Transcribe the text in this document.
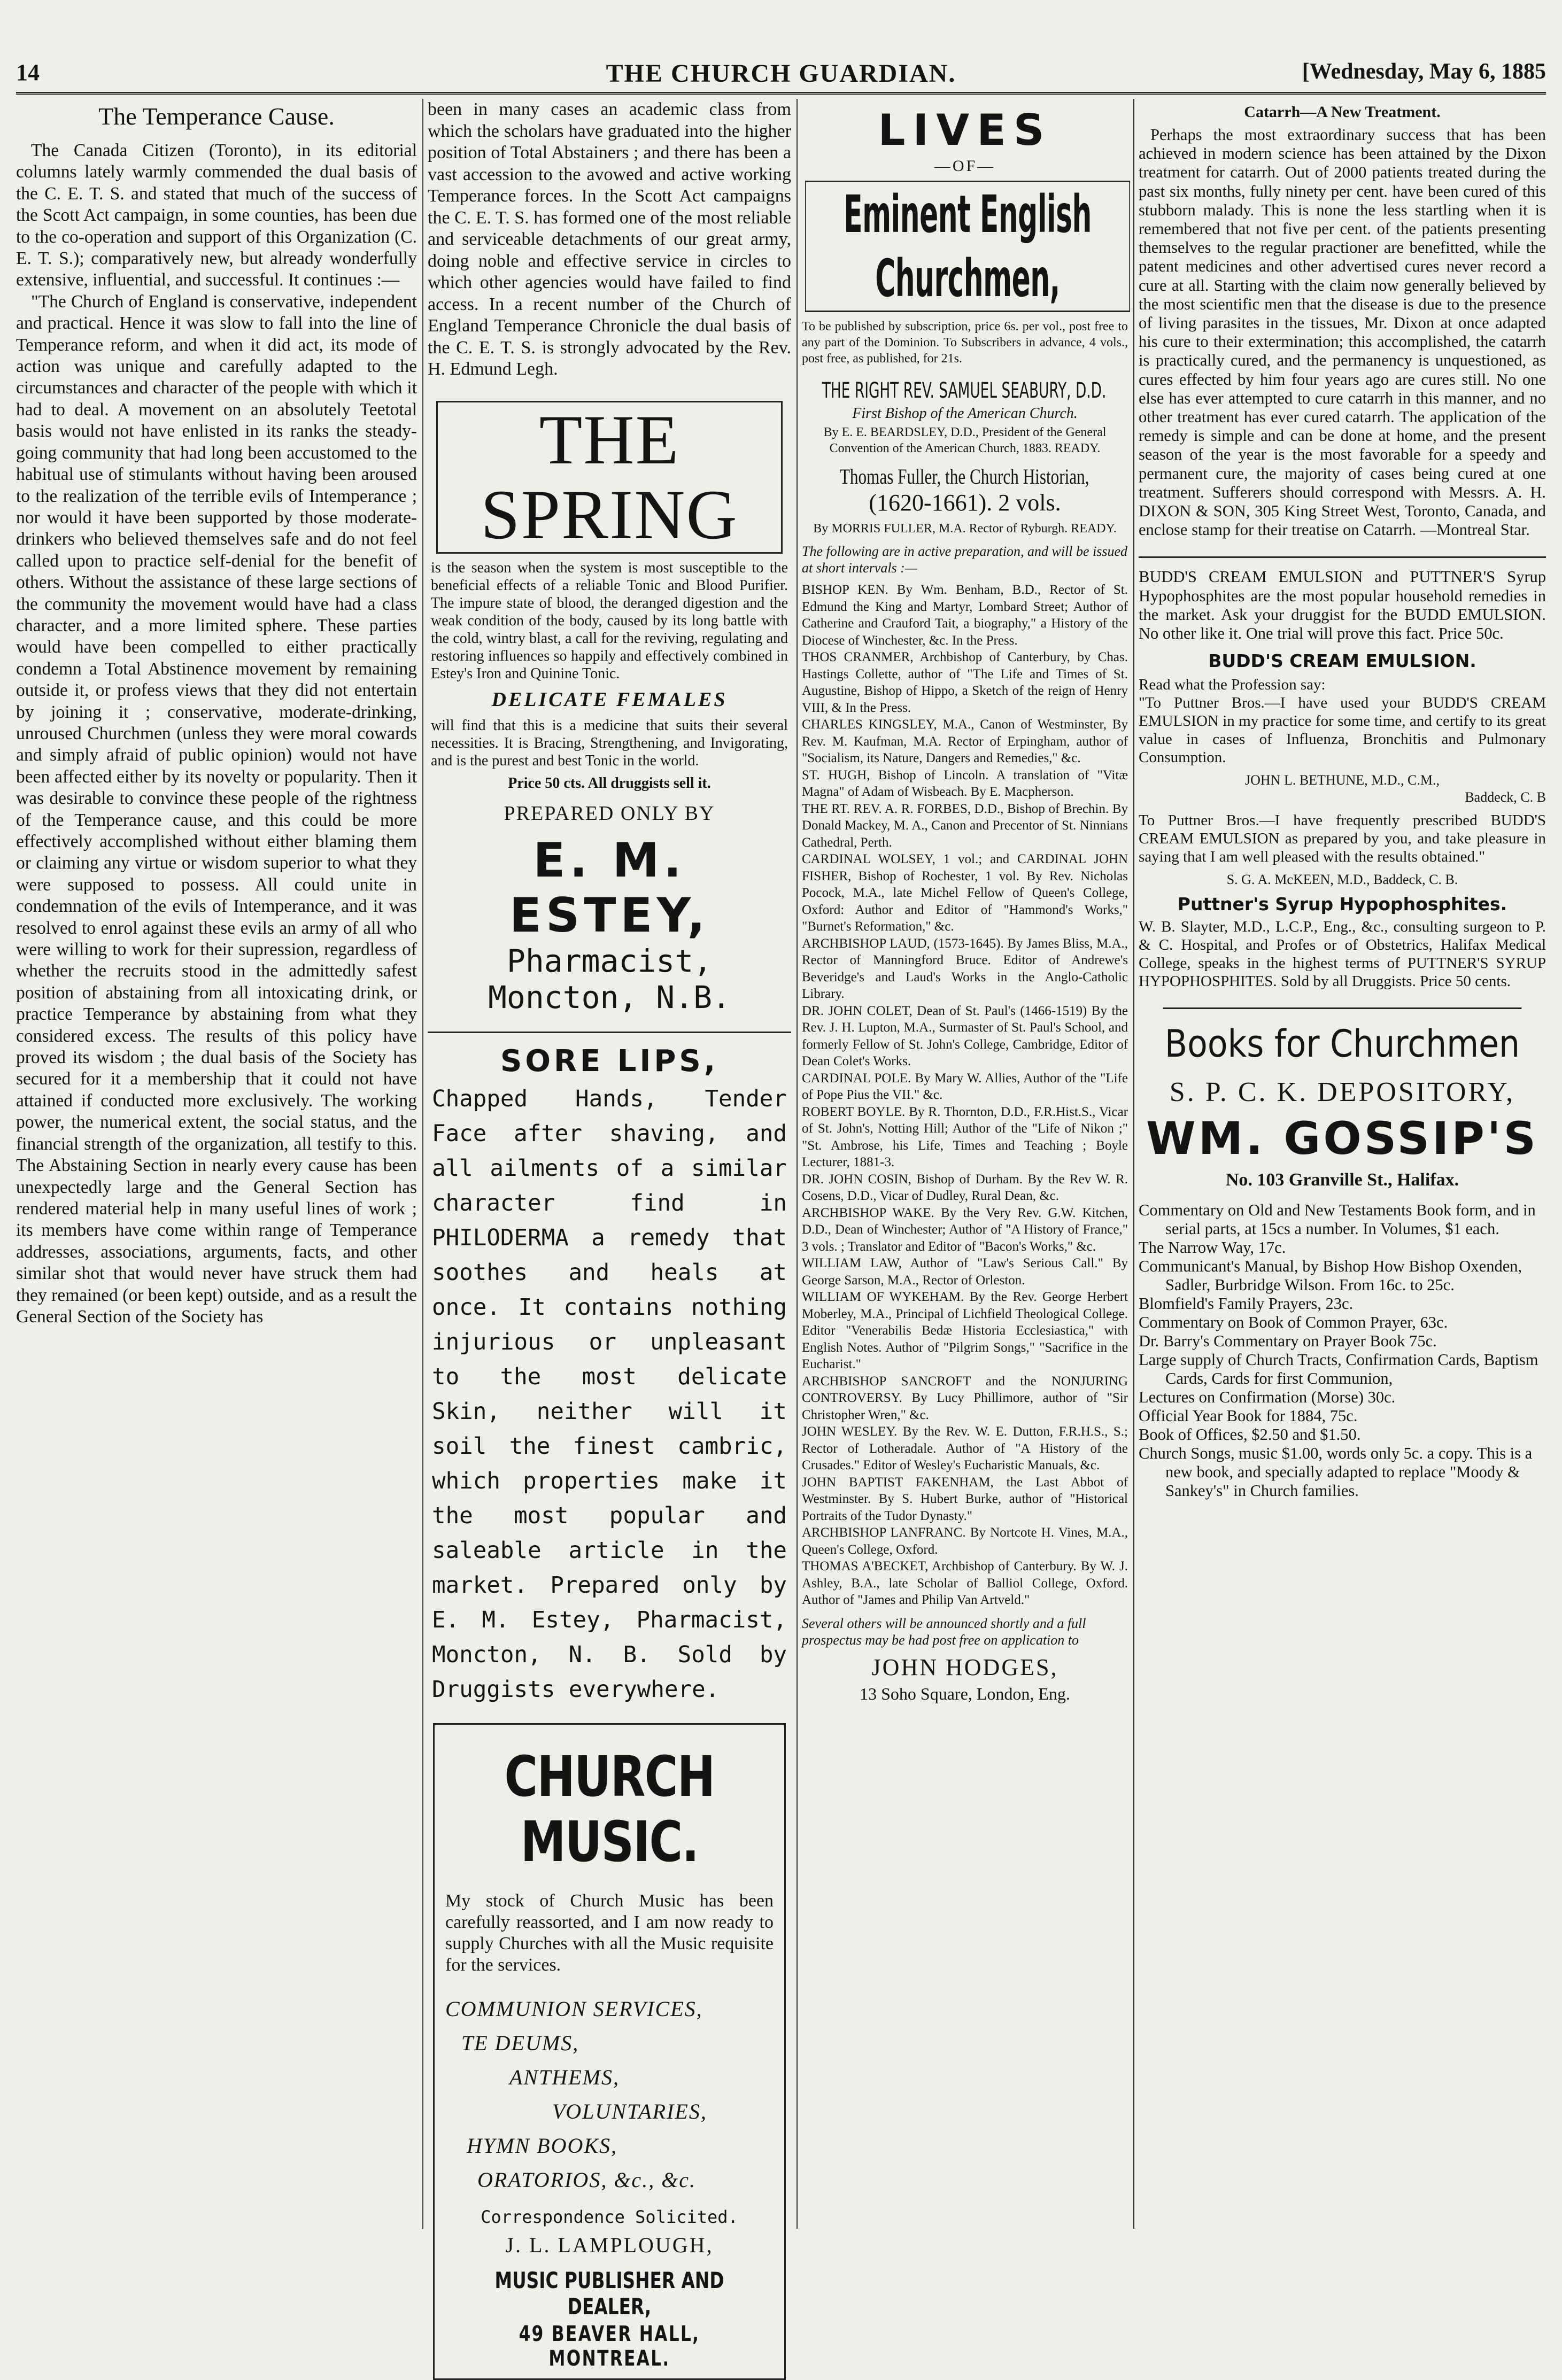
14	THE CHURCH GUARDIAN.	[Wednesday, May 6, 1885
The Temperance Cause.

The Canada Citizen (Toronto), in its editorial columns lately warmly commended the dual basis of the C. E. T. S. and stated that much of the success of the Scott Act campaign, in some counties, has been due to the co-operation and support of this Organization (C. E. T. S.); comparatively new, but already wonderfully extensive, influential, and successful. It continues :—

"The Church of England is conservative, independent and practical. Hence it was slow to fall into the line of Temperance reform, and when it did act, its mode of action was unique and carefully adapted to the circumstances and character of the people with which it had to deal. A movement on an absolutely Teetotal basis would not have enlisted in its ranks the steady-going community that had long been accustomed to the habitual use of stimulants without having been aroused to the realization of the terrible evils of Intemperance ; nor would it have been supported by those moderate-drinkers who believed themselves safe and do not feel called upon to practice self-denial for the benefit of others. Without the assistance of these large sections of the community the movement would have had a class character, and a more limited sphere. These parties would have been compelled to either practically condemn a Total Abstinence movement by remaining outside it, or profess views that they did not entertain by joining it ; conservative, moderate-drinking, unroused Churchmen (unless they were moral cowards and simply afraid of public opinion) would not have been affected either by its novelty or popularity. Then it was desirable to convince these people of the rightness of the Temperance cause, and this could be more effectively accomplished without either blaming them or claiming any virtue or wisdom superior to what they were supposed to possess. All could unite in condemnation of the evils of Intemperance, and it was resolved to enrol against these evils an army of all who were willing to work for their supression, regardless of whether the recruits stood in the admittedly safest position of abstaining from all intoxicating drink, or practice Temperance by abstaining from what they considered excess. The results of this policy have proved its wisdom ; the dual basis of the Society has secured for it a membership that it could not have attained if conducted more exclusively. The working power, the numerical extent, the social status, and the financial strength of the organization, all testify to this. The Abstaining Section in nearly every cause has been unexpectedly large and the General Section has rendered material help in many useful lines of work ; its members have come within range of Temperance addresses, associations, arguments, facts, and other similar shot that would never have struck them had they remained (or been kept) outside, and as a result the General Section of the Society has

been in many cases an academic class from which the scholars have graduated into the higher position of Total Abstainers ; and there has been a vast accession to the avowed and active working Temperance forces. In the Scott Act campaigns the C. E. T. S. has formed one of the most reliable and serviceable detachments of our great army, doing noble and effective service in circles to which other agencies would have failed to find access. In a recent number of the Church of England Temperance Chronicle the dual basis of the C. E. T. S. is strongly advocated by the Rev. H. Edmund Legh.

THE SPRING

is the season when the system is most susceptible to the beneficial effects of a reliable Tonic and Blood Purifier. The impure state of blood, the deranged digestion and the weak condition of the body, caused by its long battle with the cold, wintry blast, a call for the reviving, regulating and restoring influences so happily and effectively combined in Estey's Iron and Quinine Tonic.

DELICATE FEMALES

will find that this is a medicine that suits their several necessities. It is Bracing, Strengthening, and Invigorating, and is the purest and best Tonic in the world.

Price 50 cts. All druggists sell it.
PREPARED ONLY BY
E. M. ESTEY,
Pharmacist, Moncton, N.B.
SORE LIPS,

Chapped Hands, Tender Face after shaving, and all ailments of a similar character find in PHILODERMA a remedy that soothes and heals at once. It contains nothing injurious or unpleasant to the most delicate Skin, neither will it soil the finest cambric, which properties make it the most popular and saleable article in the market. Prepared only by E. M. Estey, Pharmacist, Moncton, N. B. Sold by Druggists everywhere.

CHURCH MUSIC.

My stock of Church Music has been carefully reassorted, and I am now ready to supply Churches with all the Music requisite for the services.

COMMUNION SERVICES,

TE DEUMS,

ANTHEMS,

VOLUNTARIES,

HYMN BOOKS,

ORATORIOS, &c., &c.

Correspondence Solicited.
J. L. LAMPLOUGH,
MUSIC PUBLISHER AND DEALER,
49 BEAVER HALL, MONTREAL.
LIVES
—OF—
Eminent English Churchmen,

To be published by subscription, price 6s. per vol., post free to any part of the Dominion. To Subscribers in advance, 4 vols., post free, as published, for 21s.

THE RIGHT REV. SAMUEL SEABURY, D.D.
First Bishop of the American Church.

By E. E. BEARDSLEY, D.D., President of the General Convention of the American Church, 1883. READY.

Thomas Fuller, the Church Historian,
(1620-1661). 2 vols.

By MORRIS FULLER, M.A. Rector of Ryburgh. READY.

The following are in active preparation, and will be issued at short intervals :—

BISHOP KEN. By Wm. Benham, B.D., Rector of St. Edmund the King and Martyr, Lombard Street; Author of Catherine and Crauford Tait, a biography," a History of the Diocese of Winchester, &c. In the Press.

THOS CRANMER, Archbishop of Canterbury, by Chas. Hastings Collette, author of "The Life and Times of St. Augustine, Bishop of Hippo, a Sketch of the reign of Henry VIII, & In the Press.

CHARLES KINGSLEY, M.A., Canon of Westminster, By Rev. M. Kaufman, M.A. Rector of Erpingham, author of "Socialism, its Nature, Dangers and Remedies," &c.

ST. HUGH, Bishop of Lincoln. A translation of "Vitæ Magna" of Adam of Wisbeach. By E. Macpherson.

THE RT. REV. A. R. FORBES, D.D., Bishop of Brechin. By Donald Mackey, M. A., Canon and Precentor of St. Ninnians Cathedral, Perth.

CARDINAL WOLSEY, 1 vol.; and CARDINAL JOHN FISHER, Bishop of Rochester, 1 vol. By Rev. Nicholas Pocock, M.A., late Michel Fellow of Queen's College, Oxford: Author and Editor of "Hammond's Works," "Burnet's Reformation," &c.

ARCHBISHOP LAUD, (1573-1645). By James Bliss, M.A., Rector of Manningford Bruce. Editor of Andrewe's Beveridge's and Laud's Works in the Anglo-Catholic Library.

DR. JOHN COLET, Dean of St. Paul's (1466-1519) By the Rev. J. H. Lupton, M.A., Surmaster of St. Paul's School, and formerly Fellow of St. John's College, Cambridge, Editor of Dean Colet's Works.

CARDINAL POLE. By Mary W. Allies, Author of the "Life of Pope Pius the VII." &c.

ROBERT BOYLE. By R. Thornton, D.D., F.R.Hist.S., Vicar of St. John's, Notting Hill; Author of the "Life of Nikon ;" "St. Ambrose, his Life, Times and Teaching ; Boyle Lecturer, 1881-3.

DR. JOHN COSIN, Bishop of Durham. By the Rev W. R. Cosens, D.D., Vicar of Dudley, Rural Dean, &c.

ARCHBISHOP WAKE. By the Very Rev. G.W. Kitchen, D.D., Dean of Winchester; Author of "A History of France," 3 vols. ; Translator and Editor of "Bacon's Works," &c.

WILLIAM LAW, Author of "Law's Serious Call." By George Sarson, M.A., Rector of Orleston.

WILLIAM OF WYKEHAM. By the Rev. George Herbert Moberley, M.A., Principal of Lichfield Theological College. Editor "Venerabilis Bedæ Historia Ecclesiastica," with English Notes. Author of "Pilgrim Songs," "Sacrifice in the Eucharist."

ARCHBISHOP SANCROFT and the NONJURING CONTROVERSY. By Lucy Phillimore, author of "Sir Christopher Wren," &c.

JOHN WESLEY. By the Rev. W. E. Dutton, F.R.H.S., S.; Rector of Lotheradale. Author of "A History of the Crusades." Editor of Wesley's Eucharistic Manuals, &c.

JOHN BAPTIST FAKENHAM, the Last Abbot of Westminster. By S. Hubert Burke, author of "Historical Portraits of the Tudor Dynasty."

ARCHBISHOP LANFRANC. By Nortcote H. Vines, M.A., Queen's College, Oxford.

THOMAS A'BECKET, Archbishop of Canterbury. By W. J. Ashley, B.A., late Scholar of Balliol College, Oxford. Author of "James and Philip Van Artveld."

Several others will be announced shortly and a full prospectus may be had post free on application to

JOHN HODGES,
13 Soho Square, London, Eng.
Catarrh—A New Treatment.

Perhaps the most extraordinary success that has been achieved in modern science has been attained by the Dixon treatment for catarrh. Out of 2000 patients treated during the past six months, fully ninety per cent. have been cured of this stubborn malady. This is none the less startling when it is remembered that not five per cent. of the patients presenting themselves to the regular practioner are benefitted, while the patent medicines and other advertised cures never record a cure at all. Starting with the claim now generally believed by the most scientific men that the disease is due to the presence of living parasites in the tissues, Mr. Dixon at once adapted his cure to their extermination; this accomplished, the catarrh is practically cured, and the permanency is unquestioned, as cures effected by him four years ago are cures still. No one else has ever attempted to cure catarrh in this manner, and no other treatment has ever cured catarrh. The application of the remedy is simple and can be done at home, and the present season of the year is the most favorable for a speedy and permanent cure, the majority of cases being cured at one treatment. Sufferers should correspond with Messrs. A. H. DIXON & SON, 305 King Street West, Toronto, Canada, and enclose stamp for their treatise on Catarrh. —Montreal Star.

BUDD'S CREAM EMULSION and PUTTNER'S Syrup Hypophosphites are the most popular household remedies in the market. Ask your druggist for the BUDD EMULSION. No other like it. One trial will prove this fact. Price 50c.

BUDD'S CREAM EMULSION.

Read what the Profession say:

"To Puttner Bros.—I have used your BUDD'S CREAM EMULSION in my practice for some time, and certify to its great value in cases of Influenza, Bronchitis and Pulmonary Consumption.

JOHN L. BETHUNE, M.D., C.M.,
Baddeck, C. B

To Puttner Bros.—I have frequently prescribed BUDD'S CREAM EMULSION as prepared by you, and take pleasure in saying that I am well pleased with the results obtained."

S. G. A. McKEEN, M.D., Baddeck, C. B.
Puttner's Syrup Hypophosphites.

W. B. Slayter, M.D., L.C.P., Eng., &c., consulting surgeon to P. & C. Hospital, and Profes or of Obstetrics, Halifax Medical College, speaks in the highest terms of PUTTNER'S SYRUP HYPOPHOSPHITES. Sold by all Druggists. Price 50 cents.

Books for Churchmen
S. P. C. K. DEPOSITORY,
WM. GOSSIP'S
No. 103 Granville St., Halifax.

Commentary on Old and New Testaments Book form, and in serial parts, at 15cs a number. In Volumes, $1 each.

The Narrow Way, 17c.

Communicant's Manual, by Bishop How Bishop Oxenden, Sadler, Burbridge Wilson. From 16c. to 25c.

Blomfield's Family Prayers, 23c.

Commentary on Book of Common Prayer, 63c.

Dr. Barry's Commentary on Prayer Book 75c.

Large supply of Church Tracts, Confirmation Cards, Baptism Cards, Cards for first Communion,

Lectures on Confirmation (Morse) 30c.

Official Year Book for 1884, 75c.

Book of Offices, $2.50 and $1.50.

Church Songs, music $1.00, words only 5c. a copy. This is a new book, and specially adapted to replace "Moody & Sankey's" in Church families.
